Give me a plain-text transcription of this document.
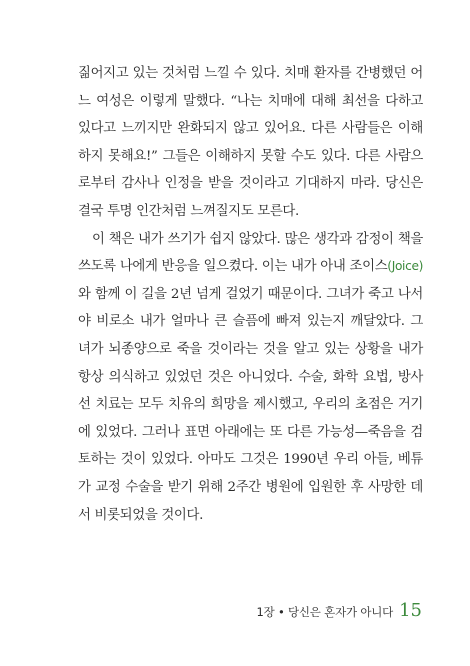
짊어지고 있는 것처럼 느낄 수 있다. 치매 환자를 간병했던 어
느 여성은 이렇게 말했다. “나는 치매에 대해 최선을 다하고
있다고 느끼지만 완화되지 않고 있어요. 다른 사람들은 이해
하지 못해요!” 그들은 이해하지 못할 수도 있다. 다른 사람으
로부터 감사나 인정을 받을 것이라고 기대하지 마라. 당신은
결국 투명 인간처럼 느껴질지도 모른다.
이 책은 내가 쓰기가 쉽지 않았다. 많은 생각과 감정이 책을
쓰도록 나에게 반응을 일으켰다. 이는 내가 아내 조이스(Joice)
와 함께 이 길을 2년 넘게 걸었기 때문이다. 그녀가 죽고 나서
야 비로소 내가 얼마나 큰 슬픔에 빠져 있는지 깨달았다. 그
녀가 뇌종양으로 죽을 것이라는 것을 알고 있는 상황을 내가
항상 의식하고 있었던 것은 아니었다. 수술, 화학 요법, 방사
선 치료는 모두 치유의 희망을 제시했고, 우리의 초점은 거기
에 있었다. 그러나 표면 아래에는 또 다른 가능성—죽음을 검
토하는 것이 있었다. 아마도 그것은 1990년 우리 아들, 베튜
가 교정 수술을 받기 위해 2주간 병원에 입원한 후 사망한 데
서 비롯되었을 것이다.
1장 • 당신은 혼자가 아니다 15
